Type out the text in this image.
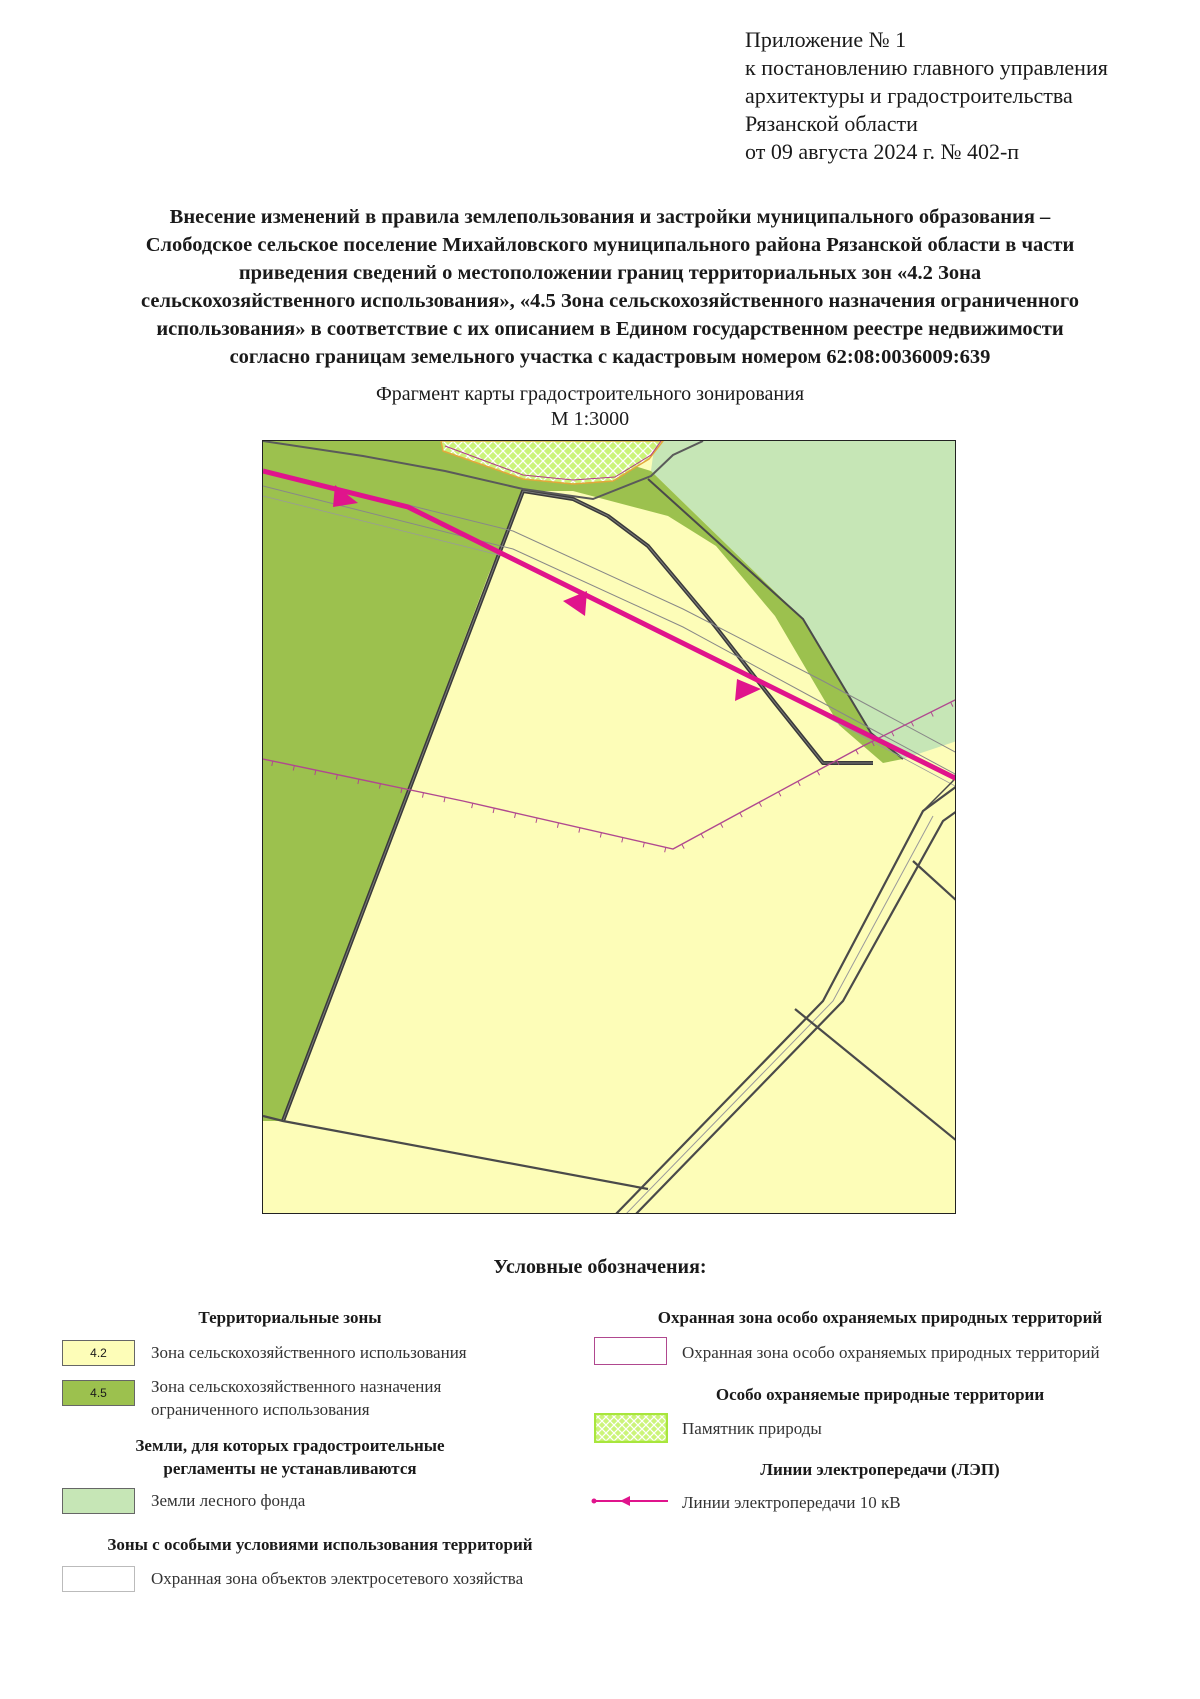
Приложение № 1
к постановлению главного управления
архитектуры и градостроительства
Рязанской области
от 09 августа 2024 г. № 402-п
Внесение изменений в правила землепользования и застройки муниципального образования –
Слободское сельское поселение Михайловского муниципального района Рязанской области в части
приведения сведений о местоположении границ территориальных зон «4.2 Зона
сельскохозяйственного использования», «4.5 Зона сельскохозяйственного назначения ограниченного
использования» в соответствие с их описанием в Едином государственном реестре недвижимости
согласно границам земельного участка с кадастровым номером 62:08:0036009:639
Фрагмент карты градостроительного зонирования
М 1:3000
Условные обозначения:
Территориальные зоны
4.2	Зона сельскохозяйственного использования
4.5	Зона сельскохозяйственного назначения
ограниченного использования
Земли, для которых градостроительные
регламенты не устанавливаются
Земли лесного фонда
Зоны с особыми условиями использования территорий
Охранная зона объектов электросетевого хозяйства
Охранная зона особо охраняемых природных территорий
Охранная зона особо охраняемых природных территорий
Особо охраняемые природные территории
Памятник природы
Линии электропередачи (ЛЭП)
Линии электропередачи 10 кВ
